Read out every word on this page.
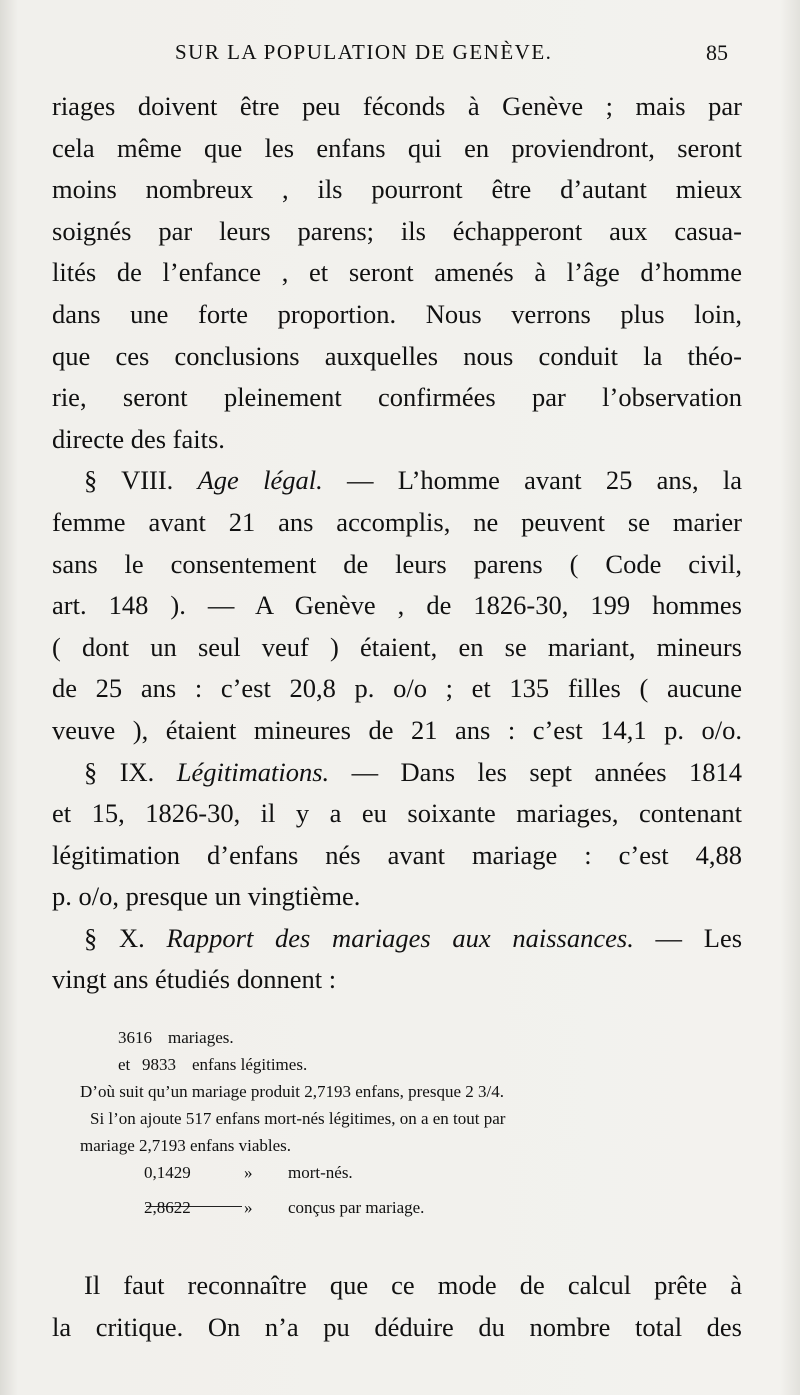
SUR LA POPULATION DE GENÈVE.	85
riages doivent être peu féconds à Genève ; mais par
cela même que les enfans qui en proviendront, seront
moins nombreux , ils pourront être d’autant mieux
soignés par leurs parens; ils échapperont aux casua-
lités de l’enfance , et seront amenés à l’âge d’homme
dans une forte proportion. Nous verrons plus loin,
que ces conclusions auxquelles nous conduit la théo-
rie, seront pleinement confirmées par l’observation
directe des faits.
§ VIII. Age légal. — L’homme avant 25 ans, la
femme avant 21 ans accomplis, ne peuvent se marier
sans le consentement de leurs parens ( Code civil,
art. 148 ). — A Genève , de 1826-30, 199 hommes
( dont un seul veuf ) étaient, en se mariant, mineurs
de 25 ans : c’est 20,8 p. o/o ; et 135 filles ( aucune
veuve ), étaient mineures de 21 ans : c’est 14,1 p. o/o.
§ IX. Légitimations. — Dans les sept années 1814
et 15, 1826-30, il y a eu soixante mariages, contenant
légitimation d’enfans nés avant mariage : c’est 4,88
p. o/o, presque un vingtième.
§ X. Rapport des mariages aux naissances. — Les
vingt ans étudiés donnent :
3616 mariages.
et 9833 enfans légitimes.
D’où suit qu’un mariage produit 2,7193 enfans, presque 2 3/4.
Si l’on ajoute 517 enfans mort-nés légitimes, on a en tout par
mariage 2,7193 enfans viables.
0,1429	» mort-nés.
2,8622	» conçus par mariage.
Il faut reconnaître que ce mode de calcul prête à
la critique. On n’a pu déduire du nombre total des
